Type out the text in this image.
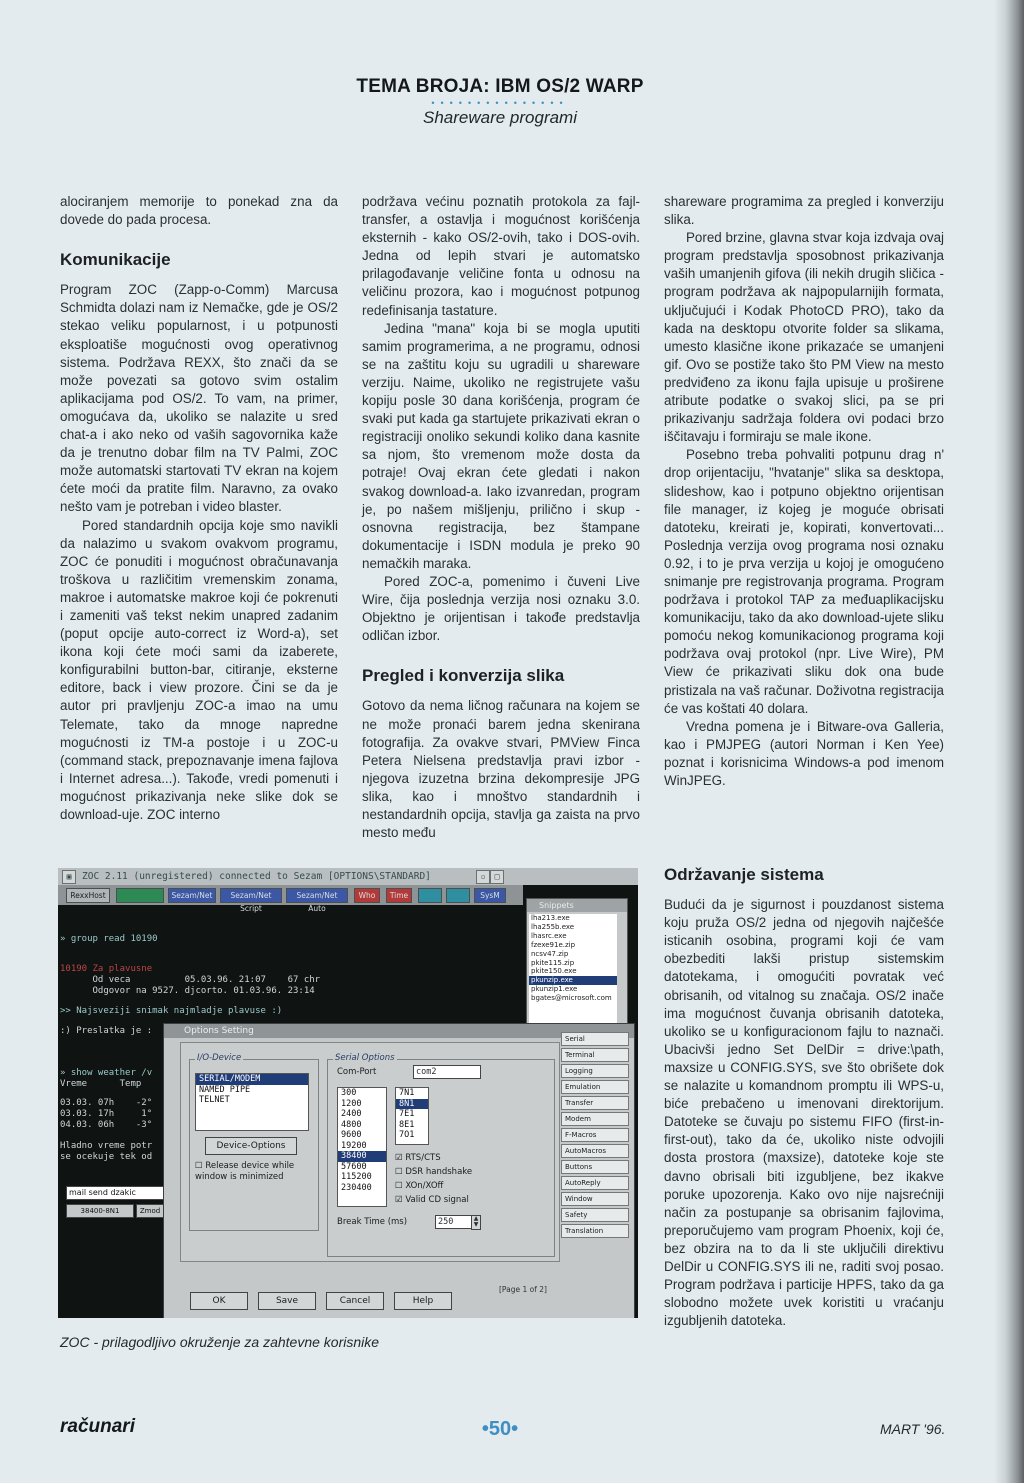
TEMA BROJA: IBM OS/2 WARP
•••••••••••••••
Shareware programi

alociranjem memorije to ponekad zna da dovede do pada procesa.

Komunikacije

Program ZOC (Zapp-o-Comm) Marcusa Schmidta dolazi nam iz Nemačke, gde je OS/2 stekao veliku popularnost, i u potpunosti eksploatiše mogućnosti ovog operativnog sistema. Podržava REXX, što znači da se može povezati sa gotovo svim ostalim aplikacijama pod OS/2. To vam, na primer, omogućava da, ukoliko se nalazite u sred chat-a i ako neko od vaših sagovornika kaže da je trenutno dobar film na TV Palmi, ZOC može automatski startovati TV ekran na kojem ćete moći da pratite film. Naravno, za ovako nešto vam je potreban i video blaster.

Pored standardnih opcija koje smo navikli da nalazimo u svakom ovakvom programu, ZOC će ponuditi i mogućnost obračunavanja troškova u različitim vremenskim zonama, makroe i automatske makroe koji će pokrenuti i zameniti vaš tekst nekim unapred zadanim (poput opcije auto-correct iz Word-a), set ikona koji ćete moći sami da izaberete, konfigurabilni button-bar, citiranje, eksterne editore, back i view prozore. Čini se da je autor pri pravljenju ZOC-a imao na umu Telemate, tako da mnoge napredne mogućnosti iz TM-a postoje i u ZOC-u (command stack, prepoznavanje imena fajlova i Internet adresa...). Takođe, vredi pomenuti i mogućnost prikazivanja neke slike dok se download-uje. ZOC interno

podržava većinu poznatih protokola za fajl-transfer, a ostavlja i mogućnost korišćenja eksternih - kako OS/2-ovih, tako i DOS-ovih. Jedna od lepih stvari je automatsko prilagođavanje veličine fonta u odnosu na veličinu prozora, kao i mogućnost potpunog redefinisanja tastature.

Jedina "mana" koja bi se mogla uputiti samim programerima, a ne programu, odnosi se na zaštitu koju su ugradili u shareware verziju. Naime, ukoliko ne registrujete vašu kopiju posle 30 dana korišćenja, program će svaki put kada ga startujete prikazivati ekran o registraciji onoliko sekundi koliko dana kasnite sa njom, što vremenom može dosta da potraje! Ovaj ekran ćete gledati i nakon svakog download-a. Iako izvanredan, program je, po našem mišljenju, prilično i skup - osnovna registracija, bez štampane dokumentacije i ISDN modula je preko 90 nemačkih maraka.

Pored ZOC-a, pomenimo i čuveni Live Wire, čija poslednja verzija nosi oznaku 3.0. Objektno je orijentisan i takođe predstavlja odličan izbor.

Pregled i konverzija slika

Gotovo da nema ličnog računara na kojem se ne može pronaći barem jedna skenirana fotografija. Za ovakve stvari, PMView Finca Petera Nielsena predstavlja pravi izbor - njegova izuzetna brzina dekompresije JPG slika, kao i mnoštvo standardnih i nestandardnih opcija, stavlja ga zaista na prvo mesto među

shareware programima za pregled i konverziju slika.

Pored brzine, glavna stvar koja izdvaja ovaj program predstavlja sposobnost prikazivanja vaših umanjenih gifova (ili nekih drugih sličica - program podržava ak najpopularnijih formata, uključujući i Kodak PhotoCD PRO), tako da kada na desktopu otvorite folder sa slikama, umesto klasične ikone prikazaće se umanjeni gif. Ovo se postiže tako što PM View na mesto predviđeno za ikonu fajla upisuje u proširene atribute podatke o svakoj slici, pa se pri prikazivanju sadržaja foldera ovi podaci brzo iščitavaju i formiraju se male ikone.

Posebno treba pohvaliti potpunu drag n' drop orijentaciju, "hvatanje" slika sa desktopa, slideshow, kao i potpuno objektno orijentisan file manager, iz kojeg je moguće obrisati datoteku, kreirati je, kopirati, konvertovati... Poslednja verzija ovog programa nosi oznaku 0.92, i to je prva verzija u kojoj je omogućeno snimanje pre registrovanja programa. Program podržava i protokol TAP za međuaplikacijsku komunikaciju, tako da ako download-ujete sliku pomoću nekog komunikacionog programa koji podržava ovaj protokol (npr. Live Wire), PM View će prikazivati sliku dok ona bude pristizala na vaš računar. Doživotna registracija će vas koštati 40 dolara.

Vredna pomena je i Bitware-ova Galleria, kao i PMJPEG (autori Norman i Ken Yee) poznat i korisnicima Windows-a pod imenom WinJPEG.

Održavanje sistema

Budući da je sigurnost i pouzdanost sistema koju pruža OS/2 jedna od njegovih najčešće isticanih osobina, programi koji će vam obezbediti lakši pristup sistemskim datotekama, i omogućiti povratak već obrisanih, od vitalnog su značaja. OS/2 inače ima mogućnost čuvanja obrisanih datoteka, ukoliko se u konfiguracionom fajlu to naznači. Ubacivši jedno Set DelDir = drive:\path, maxsize u CONFIG.SYS, sve što obrišete dok se nalazite u komandnom promptu ili WPS-u, biće prebačeno u imenovani direktorijum. Datoteke se čuvaju po sistemu FIFO (first-in-first-out), tako da će, ukoliko niste odvojili dosta prostora (maxsize), datoteke koje ste davno obrisali biti izgubljene, bez ikakve poruke upozorenja. Kako ovo nije najsrećniji način za postupanje sa obrisanim fajlovima, preporučujemo vam program Phoenix, koji će, bez obzira na to da li ste uključili direktivu DelDir u CONFIG.SYS ili ne, raditi svoj posao. Program podržava i particije HPFS, tako da ga slobodno možete uvek koristiti u vraćanju izgubljenih datoteka.

ZOC 2.11 (unregistered) connected to Sezam [OPTIONS\STANDARD]
▣	▫	□
RexxHost	Sezam/Net	Sezam/Net Script
Sezam/Net Auto
Who	Time	SysM
» group read 10190
10190 Za plavusne
Od veca          05.03.96. 21:07    67 chr
Odgovor na 9527. djcorto. 01.03.96. 23:14
>> Najsveziji snimak najmladje plavuse :)
:) Preslatka je :
» show weather /v
Vreme      Temp
03.03. 07h    -2°
03.03. 17h     1°
04.03. 06h    -3°
Hladno vreme potr
se ocekuje tek od
mail send dzakic
38400-8N1	Zmod
Snippets
lha213.exe
lha255b.exe
lhasrc.exe
fzexe91e.zip
ncsv47.zip
pkite115.zip
pkite150.exe
pkunzip.exe
pkunzip1.exe
bgates@microsoft.com
Options Setting
I/O-Device
SERIAL/MODEM
NAMED PIPE
TELNET
Device-Options
☐ Release device while window is minimized
Serial Options
Com-Port	com2
300
1200
2400
4800
9600
19200
38400
57600
115200
230400
7N1
8N1
7E1
8E1
7O1
☑ RTS/CTS
☐ DSR handshake
☐ XOn/XOff
☑ Valid CD signal
Break Time (ms)	250	▲
▼
[Page 1 of 2]
Serial
Terminal
Logging
Emulation
Transfer
Modem
F-Macros
AutoMacros
Buttons
AutoReply
Window
Safety
Translation
OK	Save	Cancel	Help
ZOC - prilagodljivo okruženje za zahtevne korisnike
računari	•50•	MART '96.
